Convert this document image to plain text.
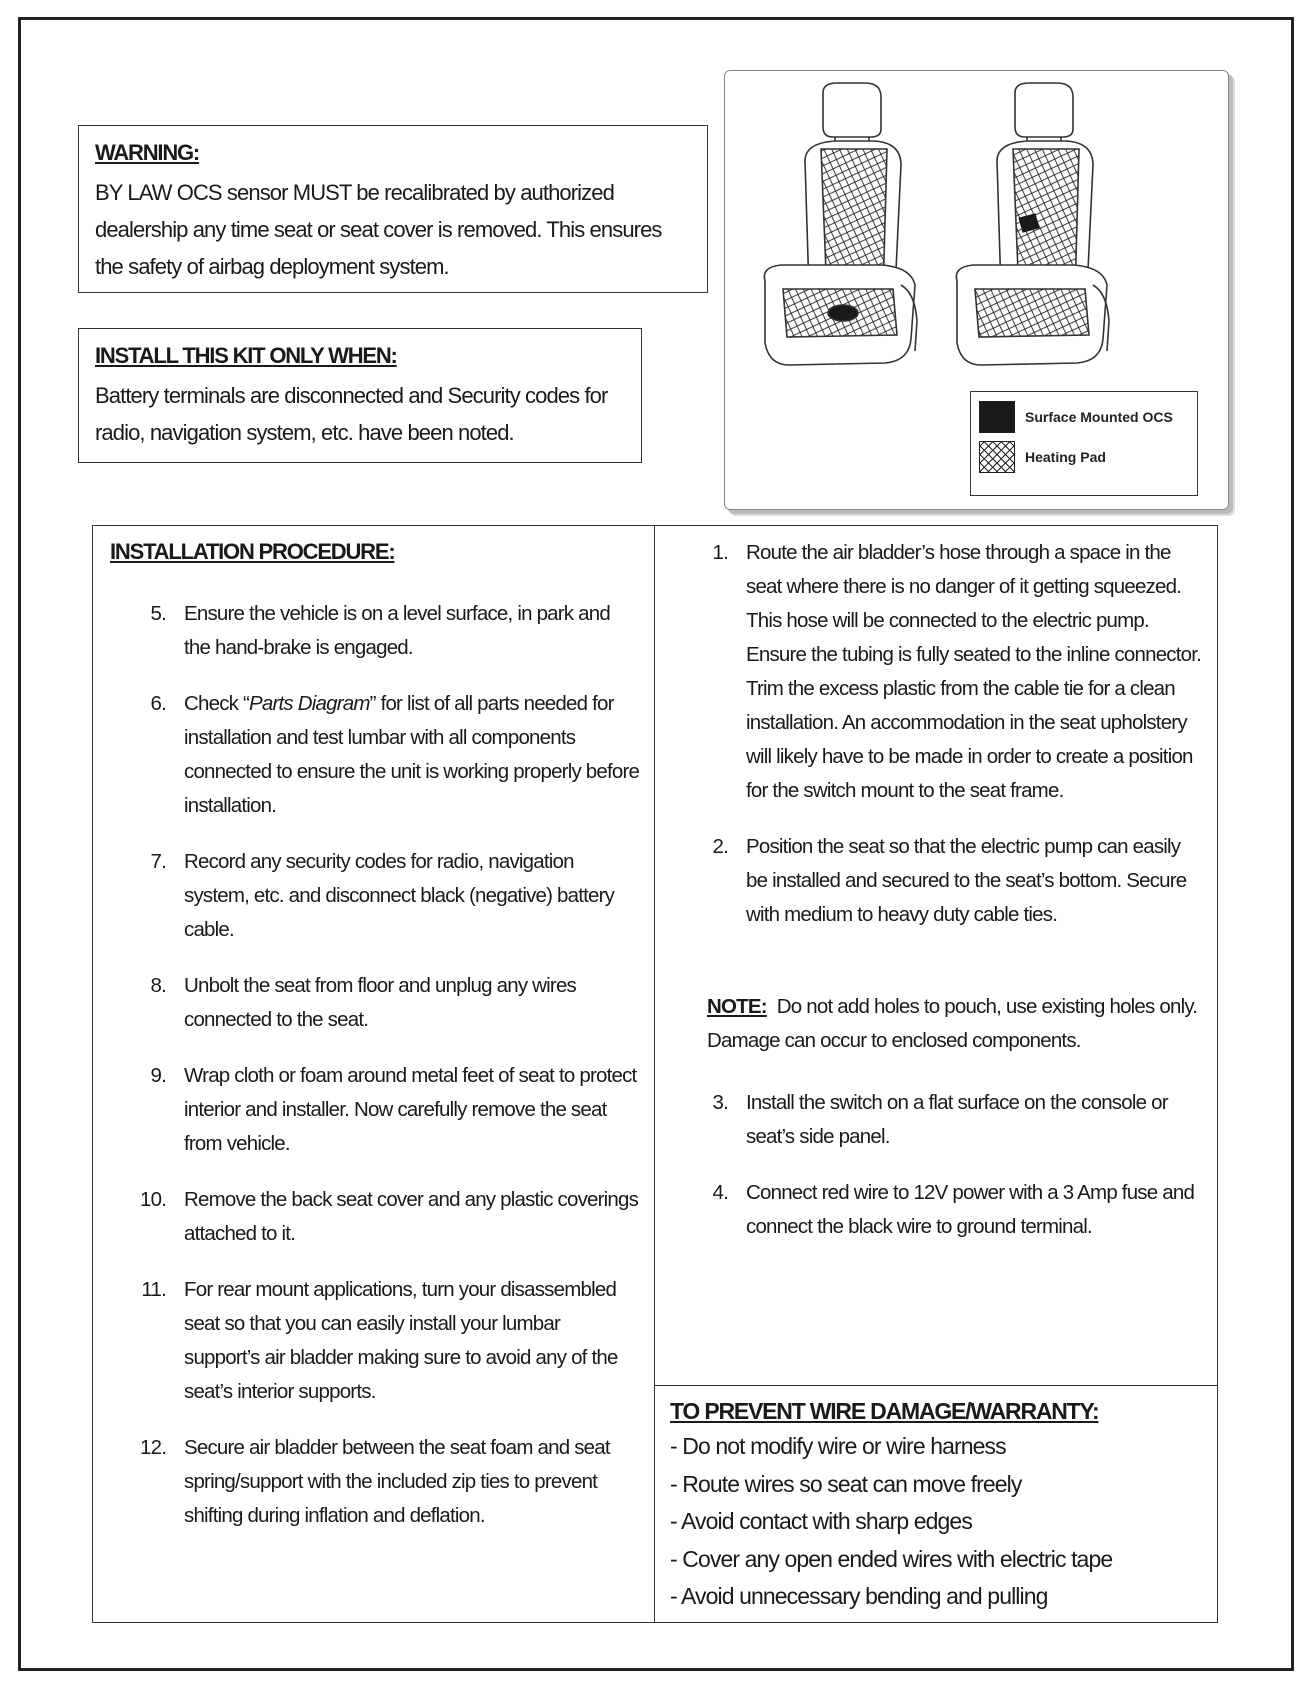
WARNING:

BY LAW OCS sensor MUST be recalibrated by authorized dealership any time seat or seat cover is removed. This ensures the safety of airbag deployment system.

INSTALL THIS KIT ONLY WHEN:

Battery terminals are disconnected and Security codes for radio, navigation system, etc. have been noted.

Surface Mounted OCS
Heating Pad

INSTALLATION PROCEDURE:

5. Ensure the vehicle is on a level surface, in park and the hand-brake is engaged.
6. Check “Parts Diagram” for list of all parts needed for installation and test lumbar with all components connected to ensure the unit is working properly before installation.
7. Record any security codes for radio, navigation system, etc. and disconnect black (negative) battery cable.
8. Unbolt the seat from floor and unplug any wires connected to the seat.
9. Wrap cloth or foam around metal feet of seat to protect interior and installer. Now carefully remove the seat from vehicle.
10. Remove the back seat cover and any plastic coverings attached to it.
11. For rear mount applications, turn your disassembled seat so that you can easily install your lumbar support’s air bladder making sure to avoid any of the seat’s interior supports.
12. Secure air bladder between the seat foam and seat spring/support with the included zip ties to prevent shifting during inflation and deflation.
1. Route the air bladder’s hose through a space in the seat where there is no danger of it getting squeezed. This hose will be connected to the electric pump. Ensure the tubing is fully seated to the inline connector. Trim the excess plastic from the cable tie for a clean installation. An accommodation in the seat upholstery will likely have to be made in order to create a position for the switch mount to the seat frame.
2. Position the seat so that the electric pump can easily be installed and secured to the seat’s bottom. Secure with medium to heavy duty cable ties.

NOTE: Do not add holes to pouch, use existing holes only. Damage can occur to enclosed components.

3. Install the switch on a flat surface on the console or seat’s side panel.
4. Connect red wire to 12V power with a 3 Amp fuse and connect the black wire to ground terminal.

TO PREVENT WIRE DAMAGE/WARRANTY:

- Do not modify wire or wire harness
- Route wires so seat can move freely
- Avoid contact with sharp edges
- Cover any open ended wires with electric tape
- Avoid unnecessary bending and pulling
